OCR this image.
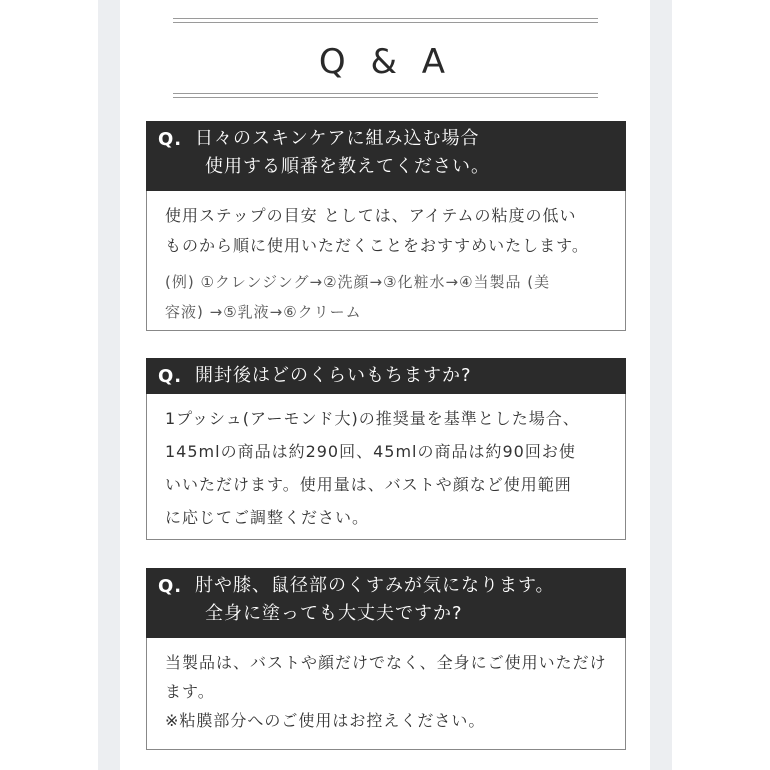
Q & A
Q. 日々のスキンケアに組み込む場合
使用する順番を教えてください。
使用ステップの目安 としては、アイテムの粘度の低い
ものから順に使用いただくことをおすすめいたします。
(例) ①クレンジング→②洗顔→③化粧水→④当製品 (美
容液) →⑤乳液→⑥クリーム
Q. 開封後はどのくらいもちますか?
1プッシュ(アーモンド大)の推奨量を基準とした場合、
145mlの商品は約290回、45mlの商品は約90回お使
いいただけます。使用量は、バストや顔など使用範囲
に応じてご調整ください。
Q. 肘や膝、鼠径部のくすみが気になります。
全身に塗っても大丈夫ですか?
当製品は、バストや顔だけでなく、全身にご使用いただけ
ます。
※粘膜部分へのご使用はお控えください。
